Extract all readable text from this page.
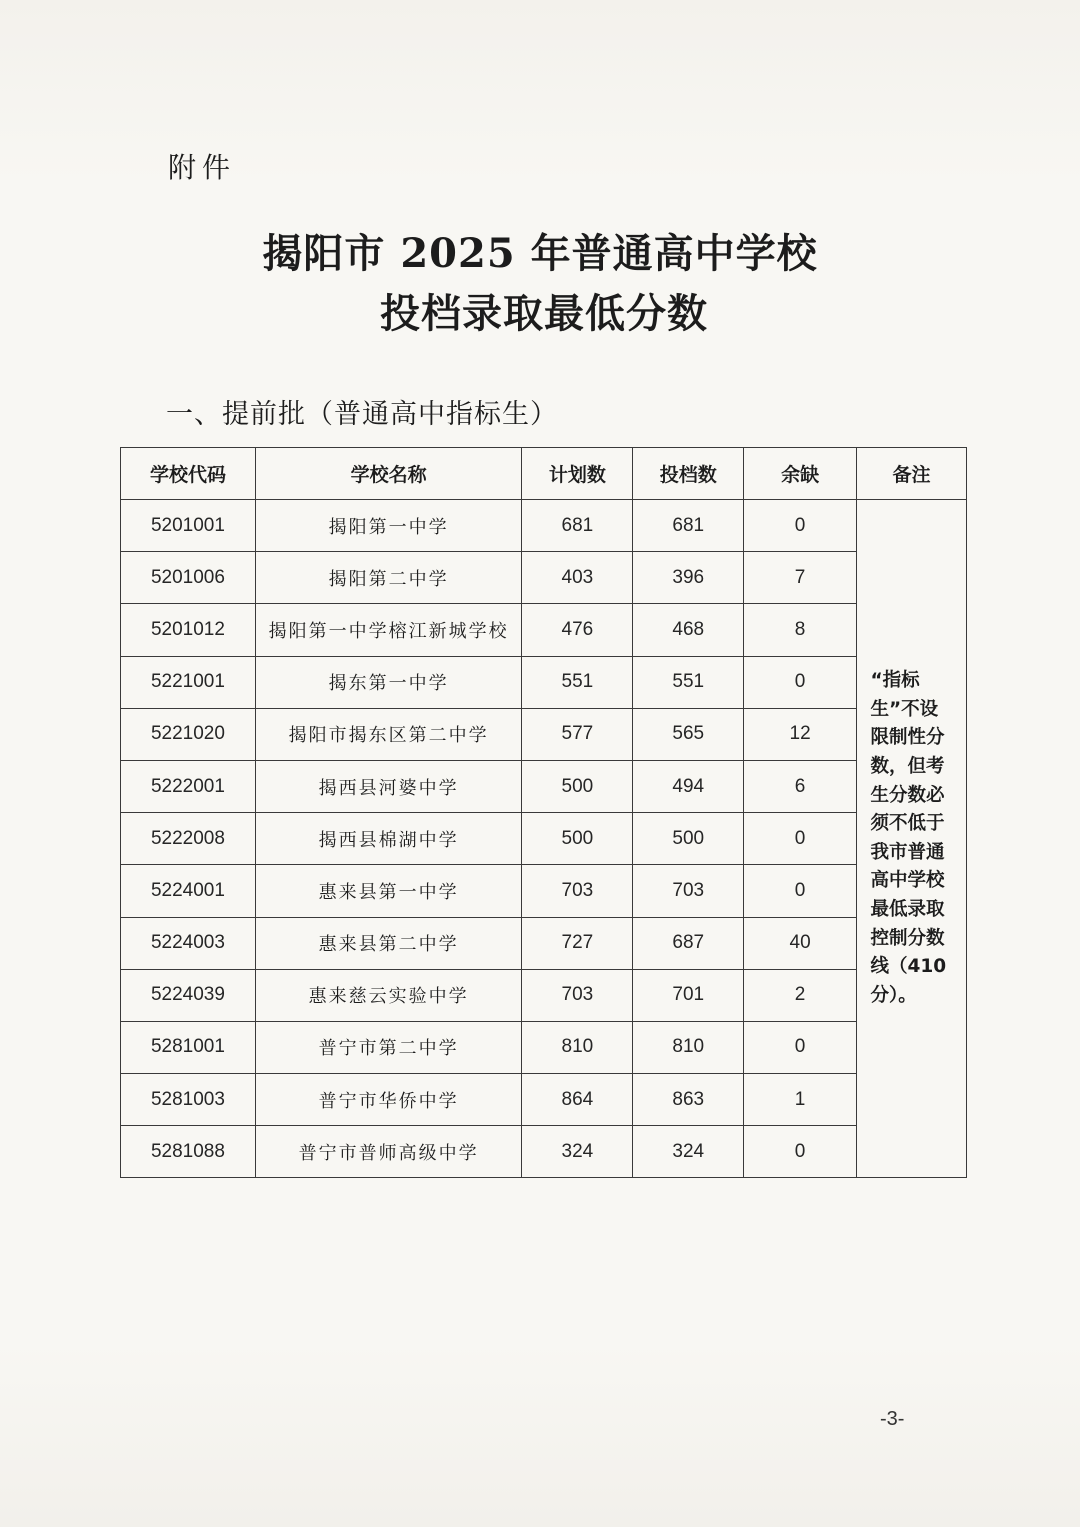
附件
揭阳市 2025 年普通高中学校
投档录取最低分数
一、提前批（普通高中指标生）
学校代码	学校名称	计划数	投档数	余缺	备注
5201001	揭阳第一中学	681	681	0	“指标生”不设限制性分数，但考生分数必须不低于我市普通高中学校最低录取控制分数线（410分）。

5201006	揭阳第二中学	403	396	7	
5201012	揭阳第一中学榕江新城学校	476	468	8	
5221001	揭东第一中学	551	551	0	
5221020	揭阳市揭东区第二中学	577	565	12	
5222001	揭西县河婆中学	500	494	6	
5222008	揭西县棉湖中学	500	500	0	
5224001	惠来县第一中学	703	703	0	
5224003	惠来县第二中学	727	687	40	
5224039	惠来慈云实验中学	703	701	2	
5281001	普宁市第二中学	810	810	0	
5281003	普宁市华侨中学	864	863	1	
5281088	普宁市普师高级中学	324	324	0	
-3-
